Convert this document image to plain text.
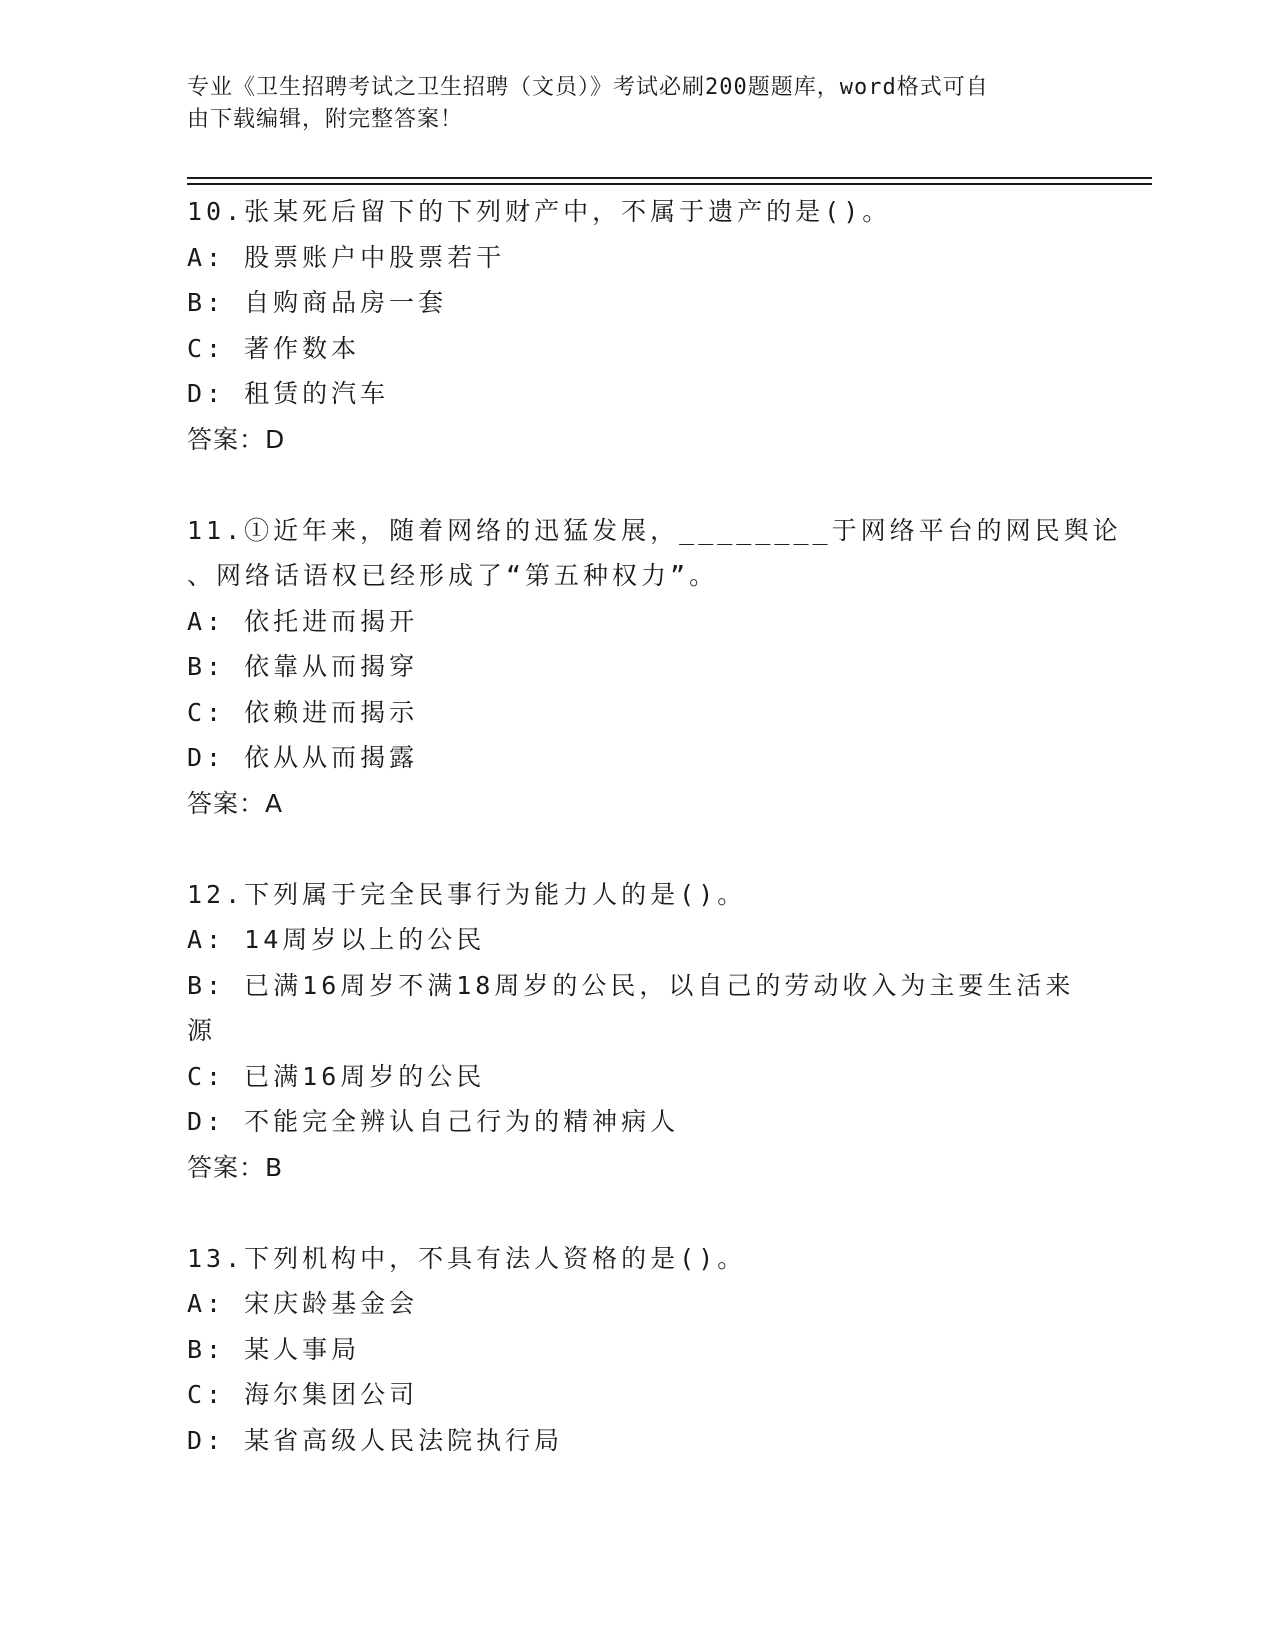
专业《卫生招聘考试之卫生招聘（文员）》考试必刷200题题库，word格式可自
由下载编辑，附完整答案！
10.张某死后留下的下列财产中，不属于遗产的是()。
A: 股票账户中股票若干
B: 自购商品房一套
C: 著作数本
D: 租赁的汽车
答案：D
11.①近年来，随着网络的迅猛发展，________于网络平台的网民舆论
、网络话语权已经形成了“第五种权力”。
A: 依托进而揭开
B: 依靠从而揭穿
C: 依赖进而揭示
D: 依从从而揭露
答案：A
12.下列属于完全民事行为能力人的是()。
A: 14周岁以上的公民
B: 已满16周岁不满18周岁的公民，以自己的劳动收入为主要生活来
源
C: 已满16周岁的公民
D: 不能完全辨认自己行为的精神病人
答案：B
13.下列机构中，不具有法人资格的是()。
A: 宋庆龄基金会
B: 某人事局
C: 海尔集团公司
D: 某省高级人民法院执行局
